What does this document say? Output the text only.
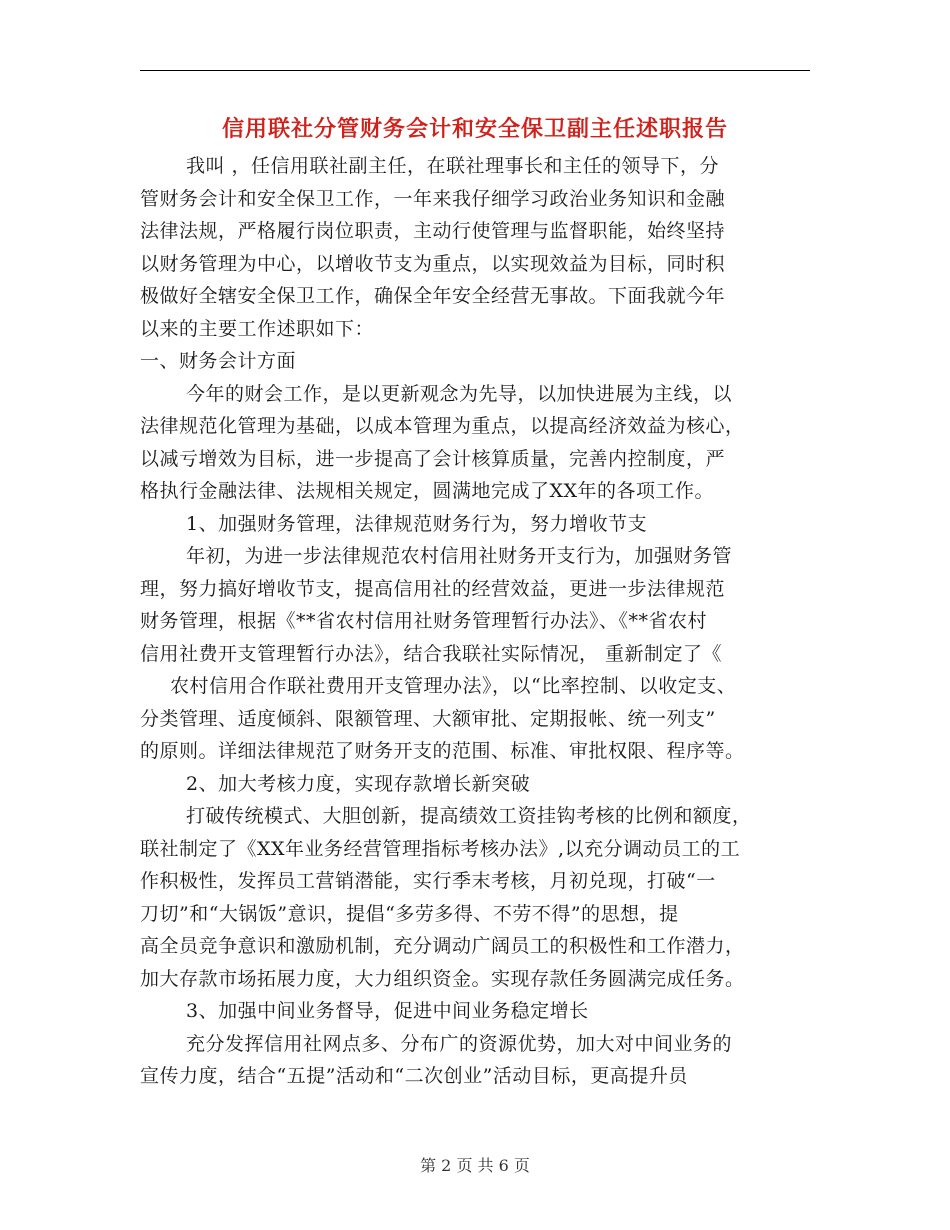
信用联社分管财务会计和安全保卫副主任述职报告
我叫 ，任信用联社副主任，在联社理事长和主任的领导下，分
管财务会计和安全保卫工作，一年来我仔细学习政治业务知识和金融
法律法规，严格履行岗位职责，主动行使管理与监督职能，始终坚持
以财务管理为中心，以增收节支为重点，以实现效益为目标，同时积
极做好全辖安全保卫工作，确保全年安全经营无事故。下面我就今年
以来的主要工作述职如下：
一、财务会计方面
今年的财会工作，是以更新观念为先导，以加快进展为主线，以
法律规范化管理为基础，以成本管理为重点，以提高经济效益为核心，
以减亏增效为目标，进一步提高了会计核算质量，完善内控制度，严
格执行金融法律、法规相关规定，圆满地完成了XX年的各项工作。
1、加强财务管理，法律规范财务行为，努力增收节支
年初，为进一步法律规范农村信用社财务开支行为，加强财务管
理，努力搞好增收节支，提高信用社的经营效益，更进一步法律规范
财务管理，根据《**省农村信用社财务管理暂行办法》、《**省农村
信用社费开支管理暂行办法》，结合我联社实际情况， 重新制定了《
农村信用合作联社费用开支管理办法》，以“比率控制、以收定支、
分类管理、适度倾斜、限额管理、大额审批、定期报帐、统一列支”
的原则。详细法律规范了财务开支的范围、标准、审批权限、程序等。
2、加大考核力度，实现存款增长新突破
打破传统模式、大胆创新，提高绩效工资挂钩考核的比例和额度，
联社制定了《XX年业务经营管理指标考核办法》,以充分调动员工的工
作积极性，发挥员工营销潜能，实行季末考核，月初兑现，打破“一
刀切”和“大锅饭”意识，提倡“多劳多得、不劳不得”的思想，提
高全员竞争意识和激励机制，充分调动广阔员工的积极性和工作潜力，
加大存款市场拓展力度，大力组织资金。实现存款任务圆满完成任务。
3、加强中间业务督导，促进中间业务稳定增长
充分发挥信用社网点多、分布广的资源优势，加大对中间业务的
宣传力度，结合“五提”活动和“二次创业”活动目标，更高提升员
第 2 页 共 6 页
